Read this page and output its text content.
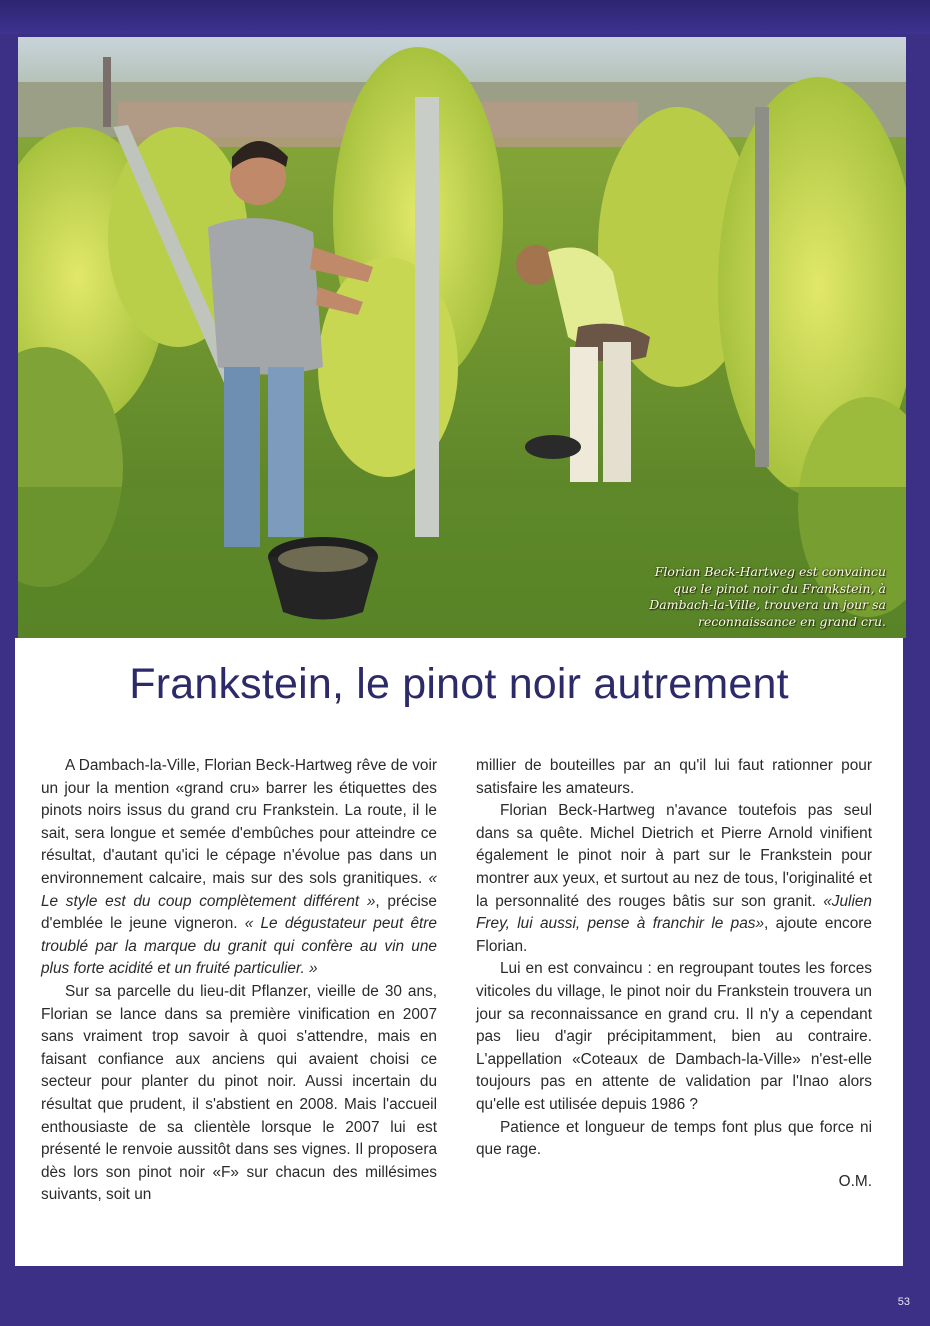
Florian Beck-Hartweg est convaincu que le pinot noir du Frankstein, à Dambach-la-Ville, trouvera un jour sa reconnaissance en grand cru.
Frankstein, le pinot noir autrement

A Dambach-la-Ville, Florian Beck-Hartweg rêve de voir un jour la mention «grand cru» barrer les étiquettes des pinots noirs issus du grand cru Frankstein. La route, il le sait, sera longue et semée d'embûches pour atteindre ce résultat, d'autant qu'ici le cépage n'évolue pas dans un environnement calcaire, mais sur des sols granitiques. « Le style est du coup complètement différent », précise d'emblée le jeune vigneron. « Le dégustateur peut être troublé par la marque du granit qui confère au vin une plus forte acidité et un fruité particulier. »

Sur sa parcelle du lieu-dit Pflanzer, vieille de 30 ans, Florian se lance dans sa première vinification en 2007 sans vraiment trop savoir à quoi s'attendre, mais en faisant confiance aux anciens qui avaient choisi ce secteur pour planter du pinot noir. Aussi incertain du résultat que prudent, il s'abstient en 2008. Mais l'accueil enthousiaste de sa clientèle lorsque le 2007 lui est présenté le renvoie aussitôt dans ses vignes. Il proposera dès lors son pinot noir «F» sur chacun des millésimes suivants, soit un

millier de bouteilles par an qu'il lui faut rationner pour satisfaire les amateurs.

Florian Beck-Hartweg n'avance toutefois pas seul dans sa quête. Michel Dietrich et Pierre Arnold vinifient également le pinot noir à part sur le Frankstein pour montrer aux yeux, et surtout au nez de tous, l'originalité et la personnalité des rouges bâtis sur son granit. «Julien Frey, lui aussi, pense à franchir le pas», ajoute encore Florian.

Lui en est convaincu : en regroupant toutes les forces viticoles du village, le pinot noir du Frankstein trouvera un jour sa reconnaissance en grand cru. Il n'y a cependant pas lieu d'agir précipitamment, bien au contraire. L'appellation «Coteaux de Dambach-la-Ville» n'est-elle toujours pas en attente de validation par l'Inao alors qu'elle est utilisée depuis 1986 ?

Patience et longueur de temps font plus que force ni que rage.

O.M.

53
